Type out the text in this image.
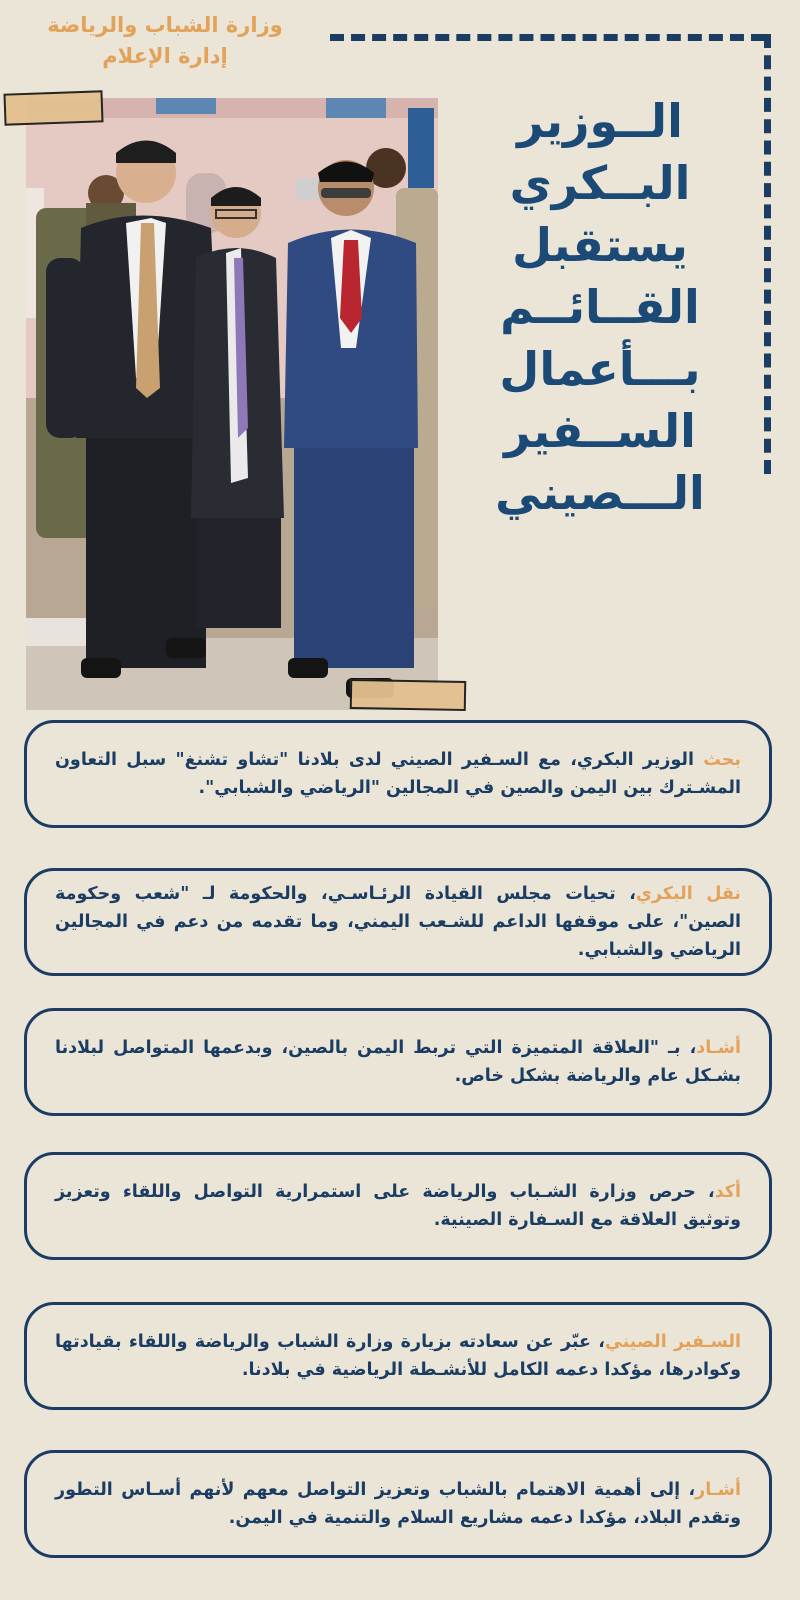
وزارة الشباب والرياضة
إدارة الإعلام
الــوزير
البــكري
يستقبل
القــائــم
بـــأعمال
الســفير
الـــصيني

بحث الوزير البكري، مع السـفير الصيني لدى بلادنا "تشاو تشنغ" سبل التعاون المشـترك بين اليمن والصين في المجالين "الرياضي والشبابي".

نقل البكري، تحيات مجلس القيادة الرئـاسـي، والحكومة لـ "شعب وحكومة الصين"، على موقفها الداعم للشـعب اليمني، وما تقدمه من دعم في المجالين الرياضي والشبابي.

أشـاد، بـ "العلاقة المتميزة التي تربط اليمن بالصين، وبدعمها المتواصل لبلادنا بشـكل عام والرياضة بشكل خاص.

أكد، حرص وزارة الشـباب والرياضة على استمرارية التواصل واللقاء وتعزيز وتوثيق العلاقة مع السـفارة الصينية.

السـفير الصيني، عبّر عن سعادته بزيارة وزارة الشباب والرياضة واللقاء بقيادتها وكوادرها، مؤكدا دعمه الكامل للأنشـطة الرياضية في بلادنا.

أشـار، إلى أهمية الاهتمام بالشباب وتعزيز التواصل معهم لأنهم أسـاس التطور وتقدم البلاد، مؤكدا دعمه مشاريع السلام والتنمية في اليمن.
